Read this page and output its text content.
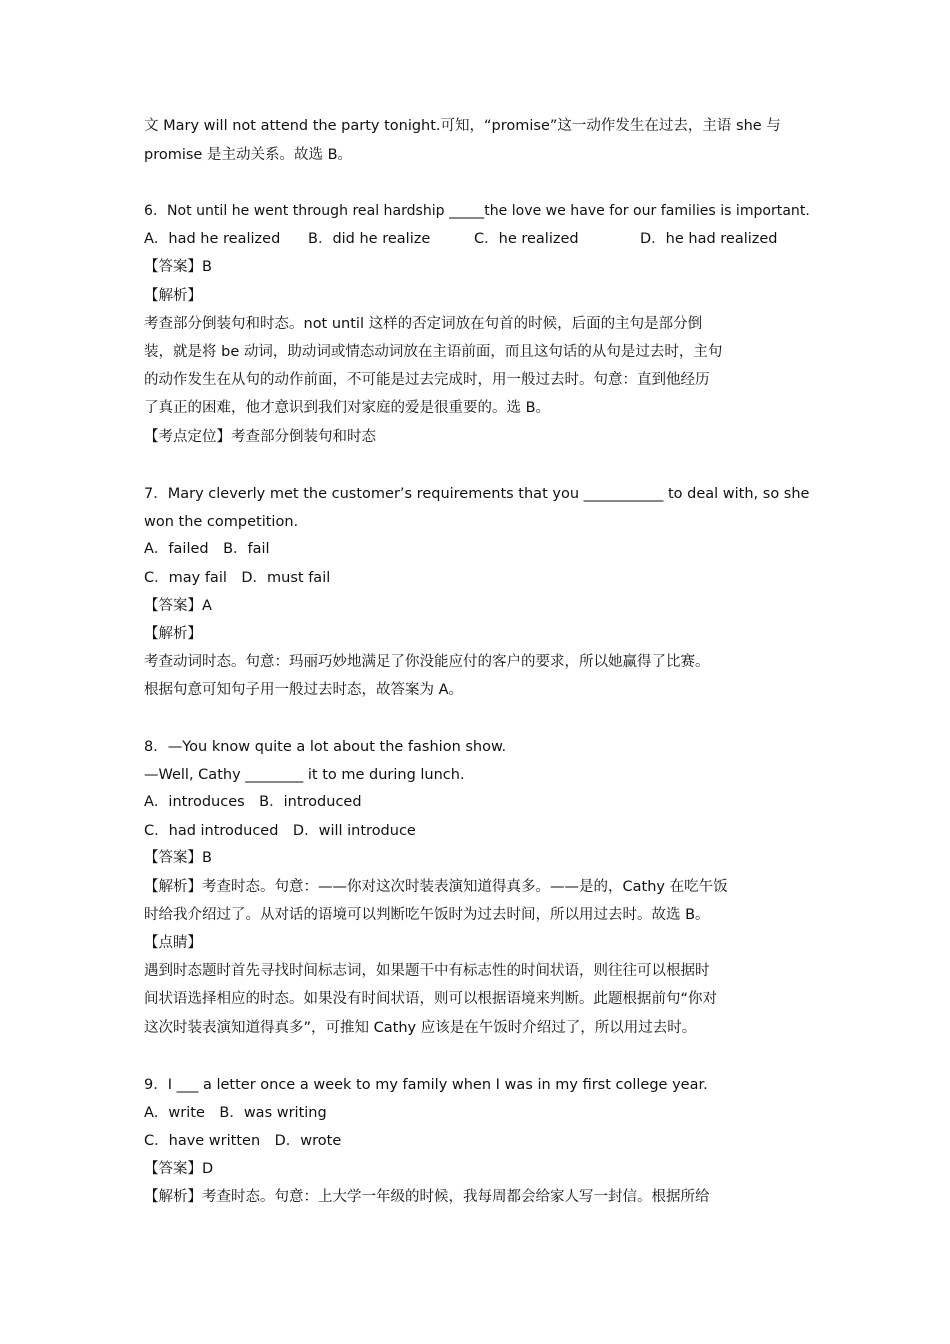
文 Mary will not attend the party tonight.可知，“promise”这一动作发生在过去，主语 she 与
promise 是主动关系。故选 B。
6．Not until he went through real hardship _____the love we have for our families is important.
A．had he realized B．did he realize	C．he realized	D．he had realized
【答案】B
【解析】
考查部分倒装句和时态。not until 这样的否定词放在句首的时候，后面的主句是部分倒
装，就是将 be 动词，助动词或情态动词放在主语前面，而且这句话的从句是过去时，主句
的动作发生在从句的动作前面，不可能是过去完成时，用一般过去时。句意：直到他经历
了真正的困难，他才意识到我们对家庭的爱是很重要的。选 B。
【考点定位】考查部分倒装句和时态
7．Mary cleverly met the customer’s requirements that you ___________ to deal with, so she
won the competition.
A．failed　B．fail
C．may fail　D．must fail
【答案】A
【解析】
考查动词时态。句意：玛丽巧妙地满足了你没能应付的客户的要求，所以她赢得了比赛。
根据句意可知句子用一般过去时态，故答案为 A。
8．—You know quite a lot about the fashion show.
—Well, Cathy ________ it to me during lunch.
A．introduces　B．introduced
C．had introduced　D．will introduce
【答案】B
【解析】考查时态。句意：——你对这次时装表演知道得真多。——是的，Cathy 在吃午饭
时给我介绍过了。从对话的语境可以判断吃午饭时为过去时间，所以用过去时。故选 B。
【点睛】
遇到时态题时首先寻找时间标志词，如果题干中有标志性的时间状语，则往往可以根据时
间状语选择相应的时态。如果没有时间状语，则可以根据语境来判断。此题根据前句“你对
这次时装表演知道得真多”，可推知 Cathy 应该是在午饭时介绍过了，所以用过去时。
9．I ___ a letter once a week to my family when I was in my first college year.
A．write　B．was writing
C．have written　D．wrote
【答案】D
【解析】考查时态。句意：上大学一年级的时候，我每周都会给家人写一封信。根据所给
